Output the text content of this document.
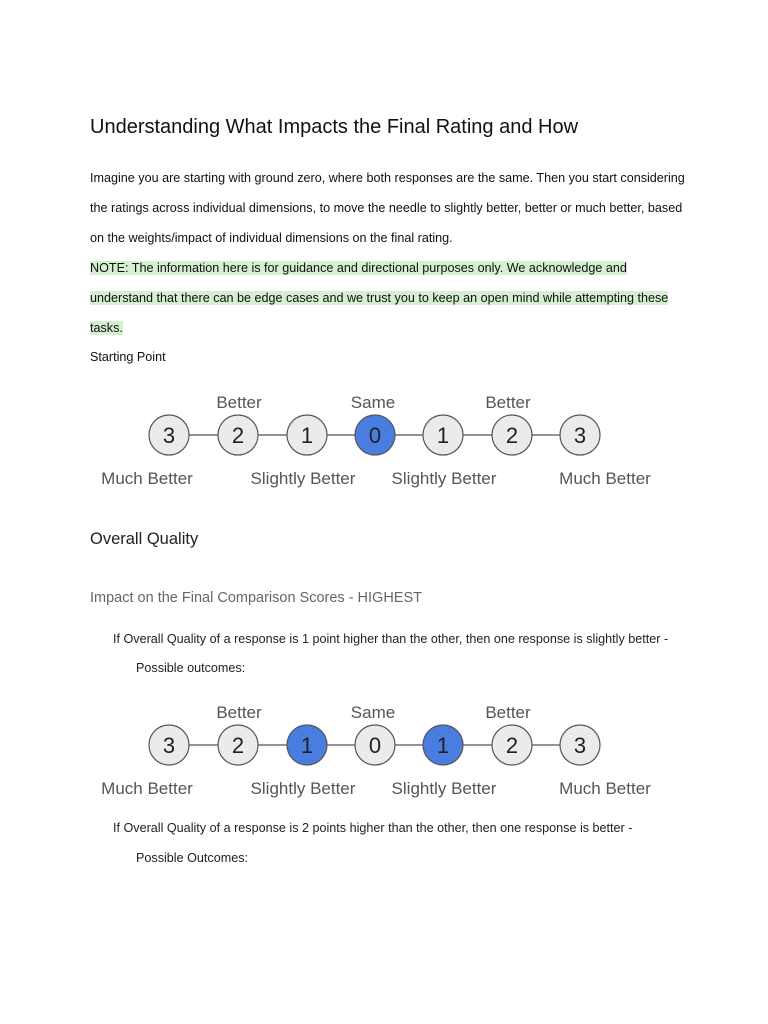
Understanding What Impacts the Final Rating and How
Imagine you are starting with ground zero, where both responses are the same. Then you start considering the ratings across individual dimensions, to move the needle to slightly better, better or much better, based on the weights/impact of individual dimensions on the final rating.
NOTE: The information here is for guidance and directional purposes only. We acknowledge and understand that there can be edge cases and we trust you to keep an open mind while attempting these tasks.
Starting Point
3	2	1	0	1	2	3
Better	Same	Better
Much Better	Slightly Better Slightly Better	Much Better
Overall Quality
Impact on the Final Comparison Scores - HIGHEST
If Overall Quality of a response is 1 point higher than the other, then one response is slightly better -
Possible outcomes:
3	2	1	0	1	2	3
Better	Same	Better
Much Better	Slightly Better Slightly Better	Much Better
If Overall Quality of a response is 2 points higher than the other, then one response is better -
Possible Outcomes:
